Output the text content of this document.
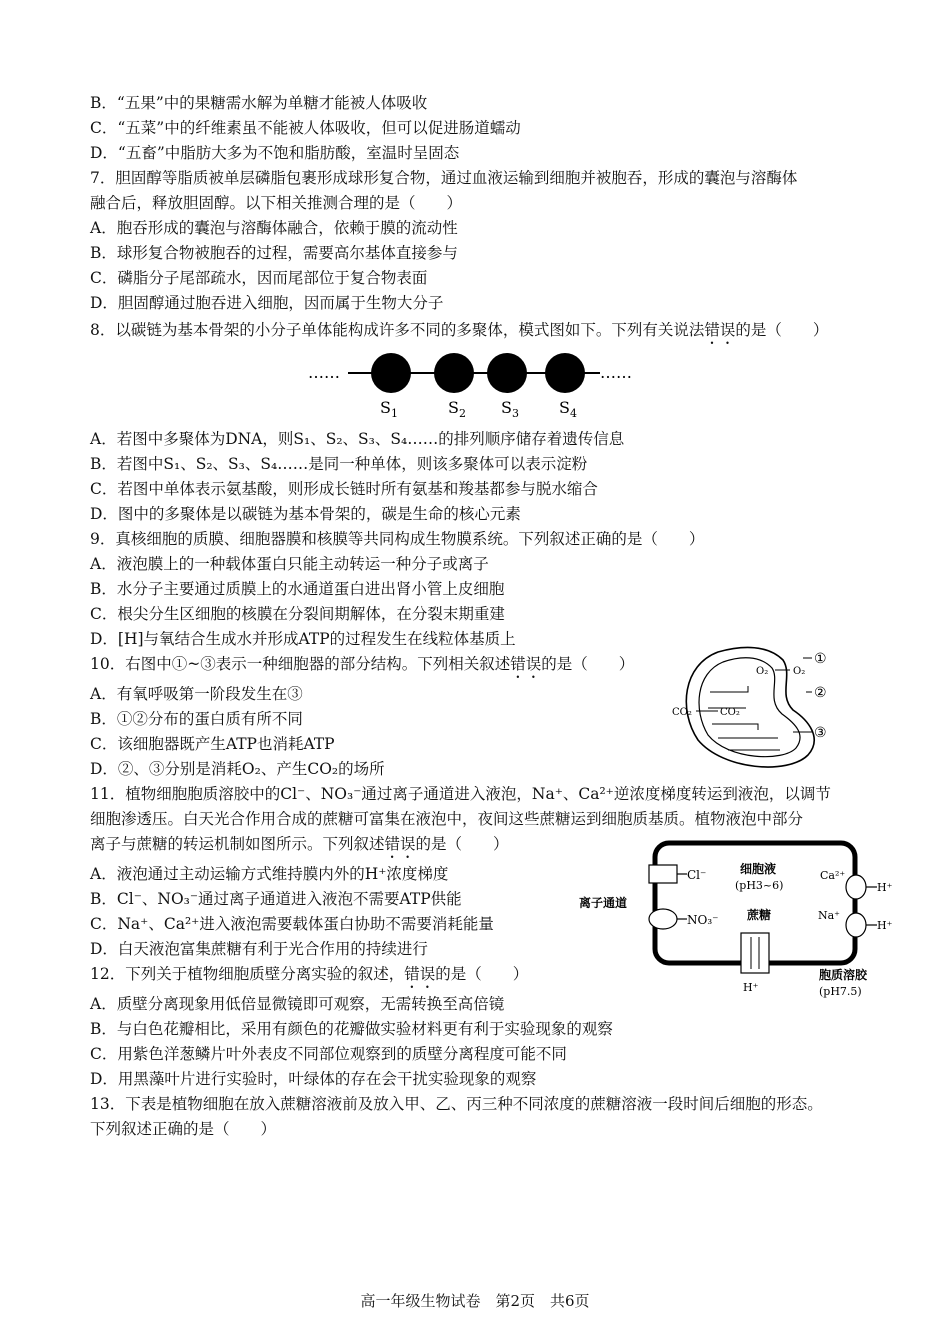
B．“五果”中的果糖需水解为单糖才能被人体吸收
C．“五菜”中的纤维素虽不能被人体吸收，但可以促进肠道蠕动
D．“五畜”中脂肪大多为不饱和脂肪酸，室温时呈固态
7．胆固醇等脂质被单层磷脂包裹形成球形复合物，通过血液运输到细胞并被胞吞，形成的囊泡与溶酶体
融合后，释放胆固醇。以下相关推测合理的是（　　）
A．胞吞形成的囊泡与溶酶体融合，依赖于膜的流动性
B．球形复合物被胞吞的过程，需要高尔基体直接参与
C．磷脂分子尾部疏水，因而尾部位于复合物表面
D．胆固醇通过胞吞进入细胞，因而属于生物大分子
8．以碳链为基本骨架的小分子单体能构成许多不同的多聚体，模式图如下。下列有关说法错误的是（　　）
……	……
$S_1$	$S_2$ $S_3$	$S_4$
A．若图中多聚体为DNA，则S₁、S₂、S₃、S₄……的排列顺序储存着遗传信息
B．若图中S₁、S₂、S₃、S₄……是同一种单体，则该多聚体可以表示淀粉
C．若图中单体表示氨基酸，则形成长链时所有氨基和羧基都参与脱水缩合
D．图中的多聚体是以碳链为基本骨架的，碳是生命的核心元素
9．真核细胞的质膜、细胞器膜和核膜等共同构成生物膜系统。下列叙述正确的是（　　）
A．液泡膜上的一种载体蛋白只能主动转运一种分子或离子
B．水分子主要通过质膜上的水通道蛋白进出肾小管上皮细胞
C．根尖分生区细胞的核膜在分裂间期解体，在分裂末期重建
D．[H]与氧结合生成水并形成ATP的过程发生在线粒体基质上
10．右图中①~③表示一种细胞器的部分结构。下列相关叙述错误的是（　　）
A．有氧呼吸第一阶段发生在③
B．①②分布的蛋白质有所不同
C．该细胞器既产生ATP也消耗ATP
D．②、③分别是消耗O₂、产生CO₂的场所
O₂ O₂
CO₂	CO₂
①
②
③
11．植物细胞胞质溶胶中的Cl⁻、NO₃⁻通过离子通道进入液泡，Na⁺、Ca²⁺逆浓度梯度转运到液泡，以调节
细胞渗透压。白天光合作用合成的蔗糖可富集在液泡中，夜间这些蔗糖运到细胞质基质。植物液泡中部分
离子与蔗糖的转运机制如图所示。下列叙述错误的是（　　）
A．液泡通过主动运输方式维持膜内外的H⁺浓度梯度
B．Cl⁻、NO₃⁻通过离子通道进入液泡不需要ATP供能
C．Na⁺、Ca²⁺进入液泡需要载体蛋白协助不需要消耗能量
D．白天液泡富集蔗糖有利于光合作用的持续进行
离子通道
Cl⁻
NO₃⁻
细胞液
(pH3~6)
Ca²⁺
H⁺
Na⁺
H⁺
蔗糖
H⁺
胞质溶胶
(pH7.5)
12．下列关于植物细胞质壁分离实验的叙述，错误的是（　　）
A．质壁分离现象用低倍显微镜即可观察，无需转换至高倍镜
B．与白色花瓣相比，采用有颜色的花瓣做实验材料更有利于实验现象的观察
C．用紫色洋葱鳞片叶外表皮不同部位观察到的质壁分离程度可能不同
D．用黑藻叶片进行实验时，叶绿体的存在会干扰实验现象的观察
13．下表是植物细胞在放入蔗糖溶液前及放入甲、乙、丙三种不同浓度的蔗糖溶液一段时间后细胞的形态。
下列叙述正确的是（　　）
高一年级生物试卷　第2页　共6页
